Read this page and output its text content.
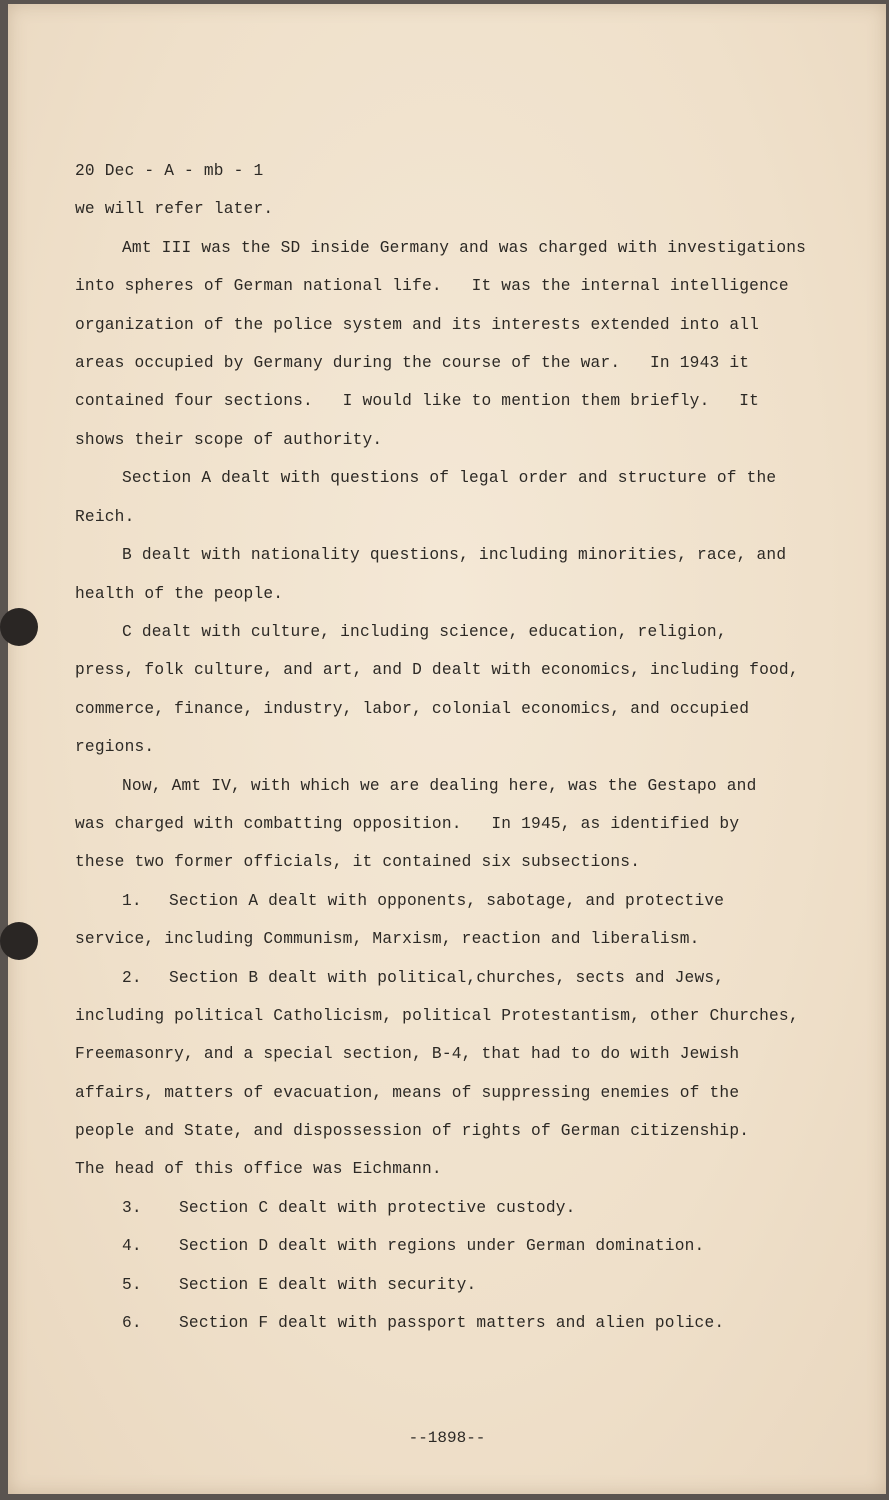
20 Dec - A - mb - 1
we will refer later.
Amt III was the SD inside Germany and was charged with investigations
into spheres of German national life.   It was the internal intelligence
organization of the police system and its interests extended into all
areas occupied by Germany during the course of the war.   In 1943 it
contained four sections.   I would like to mention them briefly.   It
shows their scope of authority.
Section A dealt with questions of legal order and structure of the
Reich.
B dealt with nationality questions, including minorities, race, and
health of the people.
C dealt with culture, including science, education, religion,
press, folk culture, and art, and D dealt with economics, including food,
commerce, finance, industry, labor, colonial economics, and occupied
regions.
Now, Amt IV, with which we are dealing here, was the Gestapo and
was charged with combatting opposition.   In 1945, as identified by
these two former officials, it contained six subsections.
1. Section A dealt with opponents, sabotage, and protective
service, including Communism, Marxism, reaction and liberalism.
2. Section B dealt with political,churches, sects and Jews,
including political Catholicism, political Protestantism, other Churches,
Freemasonry, and a special section, B-4, that had to do with Jewish
affairs, matters of evacuation, means of suppressing enemies of the
people and State, and dispossession of rights of German citizenship.
The head of this office was Eichmann.
3. Section C dealt with protective custody.
4. Section D dealt with regions under German domination.
5. Section E dealt with security.
6. Section F dealt with passport matters and alien police.
--1898--
